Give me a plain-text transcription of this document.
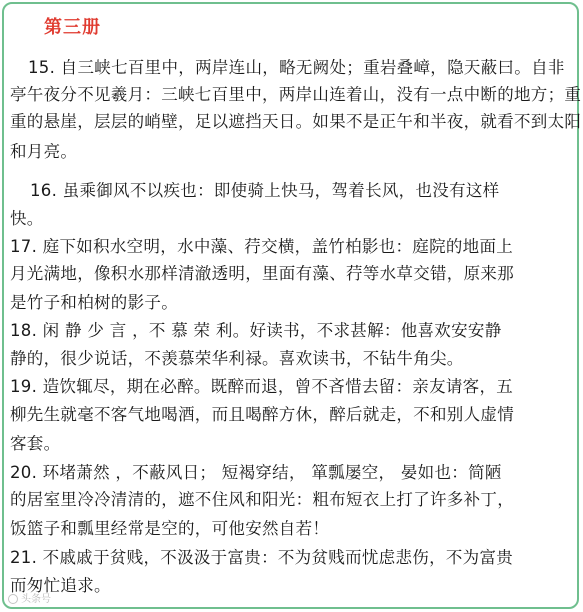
第三册
15. 自三峡七百里中，两岸连山，略无阙处；重岩叠嶂，隐天蔽曰。自非
亭午夜分不见羲月：三峡七百里中，两岸山连着山，没有一点中断的地方；重
重的悬崖，层层的峭壁，足以遮挡天日。如果不是正午和半夜，就看不到太阳
和月亮。
16. 虽乘御风不以疾也：即使骑上快马，驾着长风，也没有这样
快。
17. 庭下如积水空明，水中藻、荇交横，盖竹柏影也：庭院的地面上
月光满地，像积水那样清澈透明，里面有藻、荇等水草交错，原来那
是竹子和柏树的影子。
18. 闲 静 少 言 ，不 慕 荣 利。好读书，不求甚解：他喜欢安安静
静的，很少说话，不羡慕荣华利禄。喜欢读书，不钻牛角尖。
19. 造饮辄尽，期在必醉。既醉而退，曾不吝惜去留：亲友请客，五
柳先生就毫不客气地喝酒，而且喝醉方休，醉后就走，不和别人虚情
客套。
20. 环堵萧然 ，不蔽风日； 短褐穿结， 箪瓢屡空， 晏如也：简陋
的居室里冷冷清清的，遮不住风和阳光：粗布短衣上打了许多补丁，
饭篮子和瓢里经常是空的，可他安然自若！
21. 不戚戚于贫贱，不汲汲于富贵：不为贫贱而忧虑悲伤，不为富贵
而匆忙追求。
头条号
